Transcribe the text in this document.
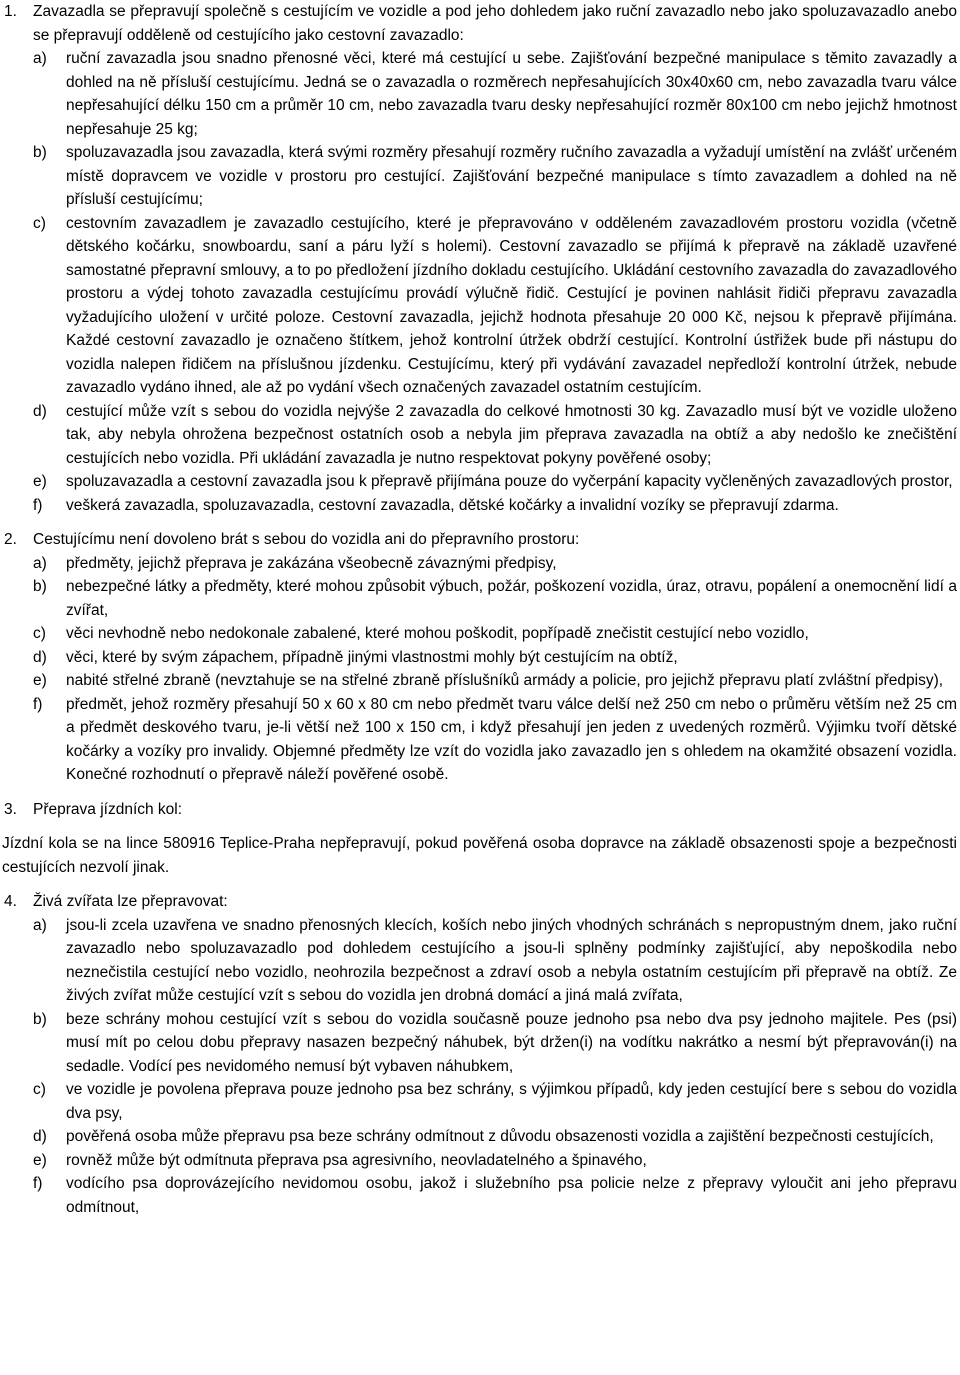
1. Zavazadla se přepravují společně s cestujícím ve vozidle a pod jeho dohledem jako ruční zavazadlo nebo jako spoluzavazadlo anebo se přepravují odděleně od cestujícího jako cestovní zavazadlo:

a) ruční zavazadla jsou snadno přenosné věci, které má cestující u sebe. Zajišťování bezpečné manipulace s těmito zavazadly a dohled na ně přísluší cestujícímu. Jedná se o zavazadla o rozměrech nepřesahujících 30x40x60 cm, nebo zavazadla tvaru válce nepřesahující délku 150 cm a průměr 10 cm, nebo zavazadla tvaru desky nepřesahující rozměr 80x100 cm nebo jejichž hmotnost nepřesahuje 25 kg;
b) spoluzavazadla jsou zavazadla, která svými rozměry přesahují rozměry ručního zavazadla a vyžadují umístění na zvlášť určeném místě dopravcem ve vozidle v prostoru pro cestující. Zajišťování bezpečné manipulace s tímto zavazadlem a dohled na ně přísluší cestujícímu;
c) cestovním zavazadlem je zavazadlo cestujícího, které je přepravováno v odděleném zavazadlovém prostoru vozidla (včetně dětského kočárku, snowboardu, saní a páru lyží s holemi). Cestovní zavazadlo se přijímá k přepravě na základě uzavřené samostatné přepravní smlouvy, a to po předložení jízdního dokladu cestujícího. Ukládání cestovního zavazadla do zavazadlového prostoru a výdej tohoto zavazadla cestujícímu provádí výlučně řidič. Cestující je povinen nahlásit řidiči přepravu zavazadla vyžadujícího uložení v určité poloze. Cestovní zavazadla, jejichž hodnota přesahuje 20 000 Kč, nejsou k přepravě přijímána. Každé cestovní zavazadlo je označeno štítkem, jehož kontrolní útržek obdrží cestující. Kontrolní ústřižek bude při nástupu do vozidla nalepen řidičem na příslušnou jízdenku. Cestujícímu, který při vydávání zavazadel nepředloží kontrolní útržek, nebude zavazadlo vydáno ihned, ale až po vydání všech označených zavazadel ostatním cestujícím.
d) cestující může vzít s sebou do vozidla nejvýše 2 zavazadla do celkové hmotnosti 30 kg. Zavazadlo musí být ve vozidle uloženo tak, aby nebyla ohrožena bezpečnost ostatních osob a nebyla jim přeprava zavazadla na obtíž a aby nedošlo ke znečištění cestujících nebo vozidla. Při ukládání zavazadla je nutno respektovat pokyny pověřené osoby;
e) spoluzavazadla a cestovní zavazadla jsou k přepravě přijímána pouze do vyčerpání kapacity vyčleněných zavazadlových prostor,
f) veškerá zavazadla, spoluzavazadla, cestovní zavazadla, dětské kočárky a invalidní vozíky se přepravují zdarma.
2. Cestujícímu není dovoleno brát s sebou do vozidla ani do přepravního prostoru:

a) předměty, jejichž přeprava je zakázána všeobecně závaznými předpisy,
b) nebezpečné látky a předměty, které mohou způsobit výbuch, požár, poškození vozidla, úraz, otravu, popálení a onemocnění lidí a zvířat,
c) věci nevhodně nebo nedokonale zabalené, které mohou poškodit, popřípadě znečistit cestující nebo vozidlo,
d) věci, které by svým zápachem, případně jinými vlastnostmi mohly být cestujícím na obtíž,
e) nabité střelné zbraně (nevztahuje se na střelné zbraně příslušníků armády a policie, pro jejichž přepravu platí zvláštní předpisy),
f) předmět, jehož rozměry přesahují 50 x 60 x 80 cm nebo předmět tvaru válce delší než 250 cm nebo o průměru větším než 25 cm a předmět deskového tvaru, je-li větší než 100 x 150 cm, i když přesahují jen jeden z uvedených rozměrů. Výjimku tvoří dětské kočárky a vozíky pro invalidy. Objemné předměty lze vzít do vozidla jako zavazadlo jen s ohledem na okamžité obsazení vozidla. Konečné rozhodnutí o přepravě náleží pověřené osobě.
3. Přeprava jízdních kol:

Jízdní kola se na lince 580916 Teplice-Praha nepřepravují, pokud pověřená osoba dopravce na základě obsazenosti spoje a bezpečnosti cestujících nezvolí jinak.

4. Živá zvířata lze přepravovat:

a) jsou-li zcela uzavřena ve snadno přenosných klecích, koších nebo jiných vhodných schránách s nepropustným dnem, jako ruční zavazadlo nebo spoluzavazadlo pod dohledem cestujícího a jsou-li splněny podmínky zajišťující, aby nepoškodila nebo neznečistila cestující nebo vozidlo, neohrozila bezpečnost a zdraví osob a nebyla ostatním cestujícím při přepravě na obtíž. Ze živých zvířat může cestující vzít s sebou do vozidla jen drobná domácí a jiná malá zvířata,
b) beze schrány mohou cestující vzít s sebou do vozidla současně pouze jednoho psa nebo dva psy jednoho majitele. Pes (psi) musí mít po celou dobu přepravy nasazen bezpečný náhubek, být držen(i) na vodítku nakrátko a nesmí být přepravován(i) na sedadle. Vodící pes nevidomého nemusí být vybaven náhubkem,
c) ve vozidle je povolena přeprava pouze jednoho psa bez schrány, s výjimkou případů, kdy jeden cestující bere s sebou do vozidla dva psy,
d) pověřená osoba může přepravu psa beze schrány odmítnout z důvodu obsazenosti vozidla a zajištění bezpečnosti cestujících,
e) rovněž může být odmítnuta přeprava psa agresivního, neovladatelného a špinavého,
f) vodícího psa doprovázejícího nevidomou osobu, jakož i služebního psa policie nelze z přepravy vyloučit ani jeho přepravu odmítnout,
